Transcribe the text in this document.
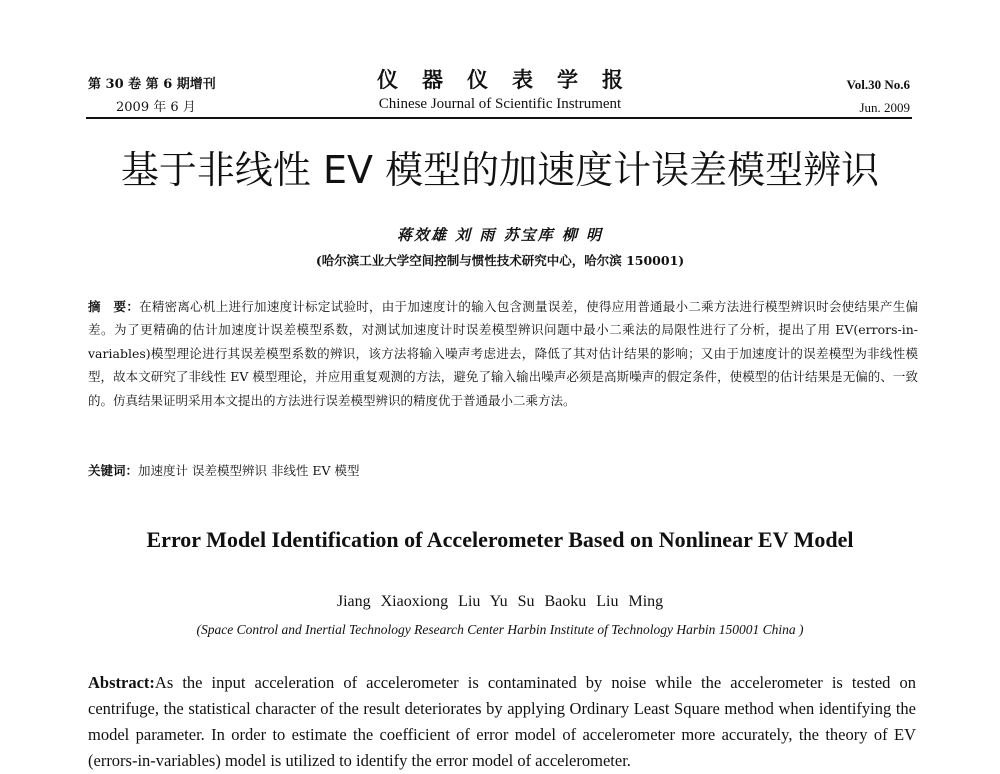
第 30 卷 第 6 期增刊
2009 年 6 月
仪器仪表学报
Chinese Journal of Scientific Instrument
Vol.30 No.6
Jun. 2009
基于非线性 EV 模型的加速度计误差模型辨识
蒋效雄 刘 雨 苏宝库 柳 明
(哈尔滨工业大学空间控制与惯性技术研究中心，哈尔滨 150001)
摘　要：在精密离心机上进行加速度计标定试验时，由于加速度计的输入包含测量误差，使得应用普通最小二乘方法进行模型辨识时会使结果产生偏差。为了更精确的估计加速度计误差模型系数，对测试加速度计时误差模型辨识问题中最小二乘法的局限性进行了分析，提出了用 EV(errors-in-variables)模型理论进行其误差模型系数的辨识，该方法将输入噪声考虑进去，降低了其对估计结果的影响；又由于加速度计的误差模型为非线性模型，故本文研究了非线性 EV 模型理论，并应用重复观测的方法，避免了输入输出噪声必须是高斯噪声的假定条件，使模型的估计结果是无偏的、一致的。仿真结果证明采用本文提出的方法进行误差模型辨识的精度优于普通最小二乘方法。
关键词：加速度计 误差模型辨识 非线性 EV 模型
Error Model Identification of Accelerometer Based on Nonlinear EV Model
Jiang Xiaoxiong Liu Yu Su Baoku Liu Ming
(Space Control and Inertial Technology Research Center Harbin Institute of Technology Harbin 150001 China )
Abstract:As the input acceleration of accelerometer is contaminated by noise while the accelerometer is tested on centrifuge, the statistical character of the result deteriorates by applying Ordinary Least Square method when identifying the model parameter. In order to estimate the coefficient of error model of accelerometer more accurately, the theory of EV (errors-in-variables) model is utilized to identify the error model of accelerometer.
